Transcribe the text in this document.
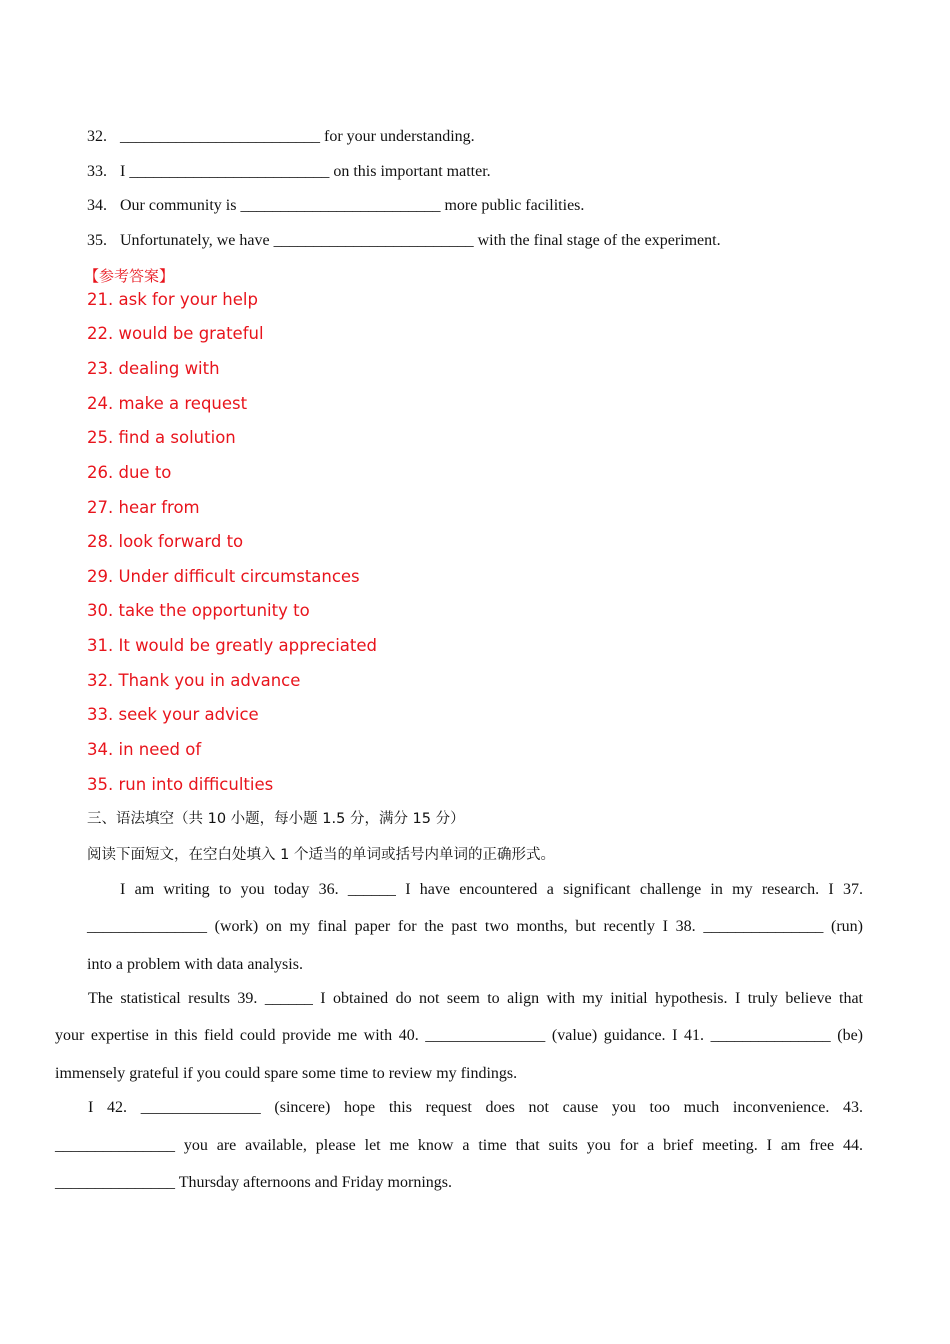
32. _________________________ for your understanding.
33. I _________________________ on this important matter.
34. Our community is _________________________ more public facilities.
35. Unfortunately, we have _________________________ with the final stage of the experiment.
【参考答案】
21. ask for your help
22. would be grateful
23. dealing with
24. make a request
25. find a solution
26. due to
27. hear from
28. look forward to
29. Under difficult circumstances
30. take the opportunity to
31. It would be greatly appreciated
32. Thank you in advance
33. seek your advice
34. in need of
35. run into difficulties
三、语法填空（共 10 小题，每小题 1.5 分，满分 15 分）
阅读下面短文，在空白处填入 1 个适当的单词或括号内单词的正确形式。
I am writing to you today 36. ______ I have encountered a significant challenge in my research. I 37.
_______________ (work) on my final paper for the past two months, but recently I 38. _______________ (run)
into a problem with data analysis.
The statistical results 39. ______ I obtained do not seem to align with my initial hypothesis. I truly believe that
your expertise in this field could provide me with 40. _______________ (value) guidance. I 41. _______________ (be)
immensely grateful if you could spare some time to review my findings.
I 42. _______________ (sincere) hope this request does not cause you too much inconvenience. 43.
_______________ you are available, please let me know a time that suits you for a brief meeting. I am free 44.
_______________ Thursday afternoons and Friday mornings.
